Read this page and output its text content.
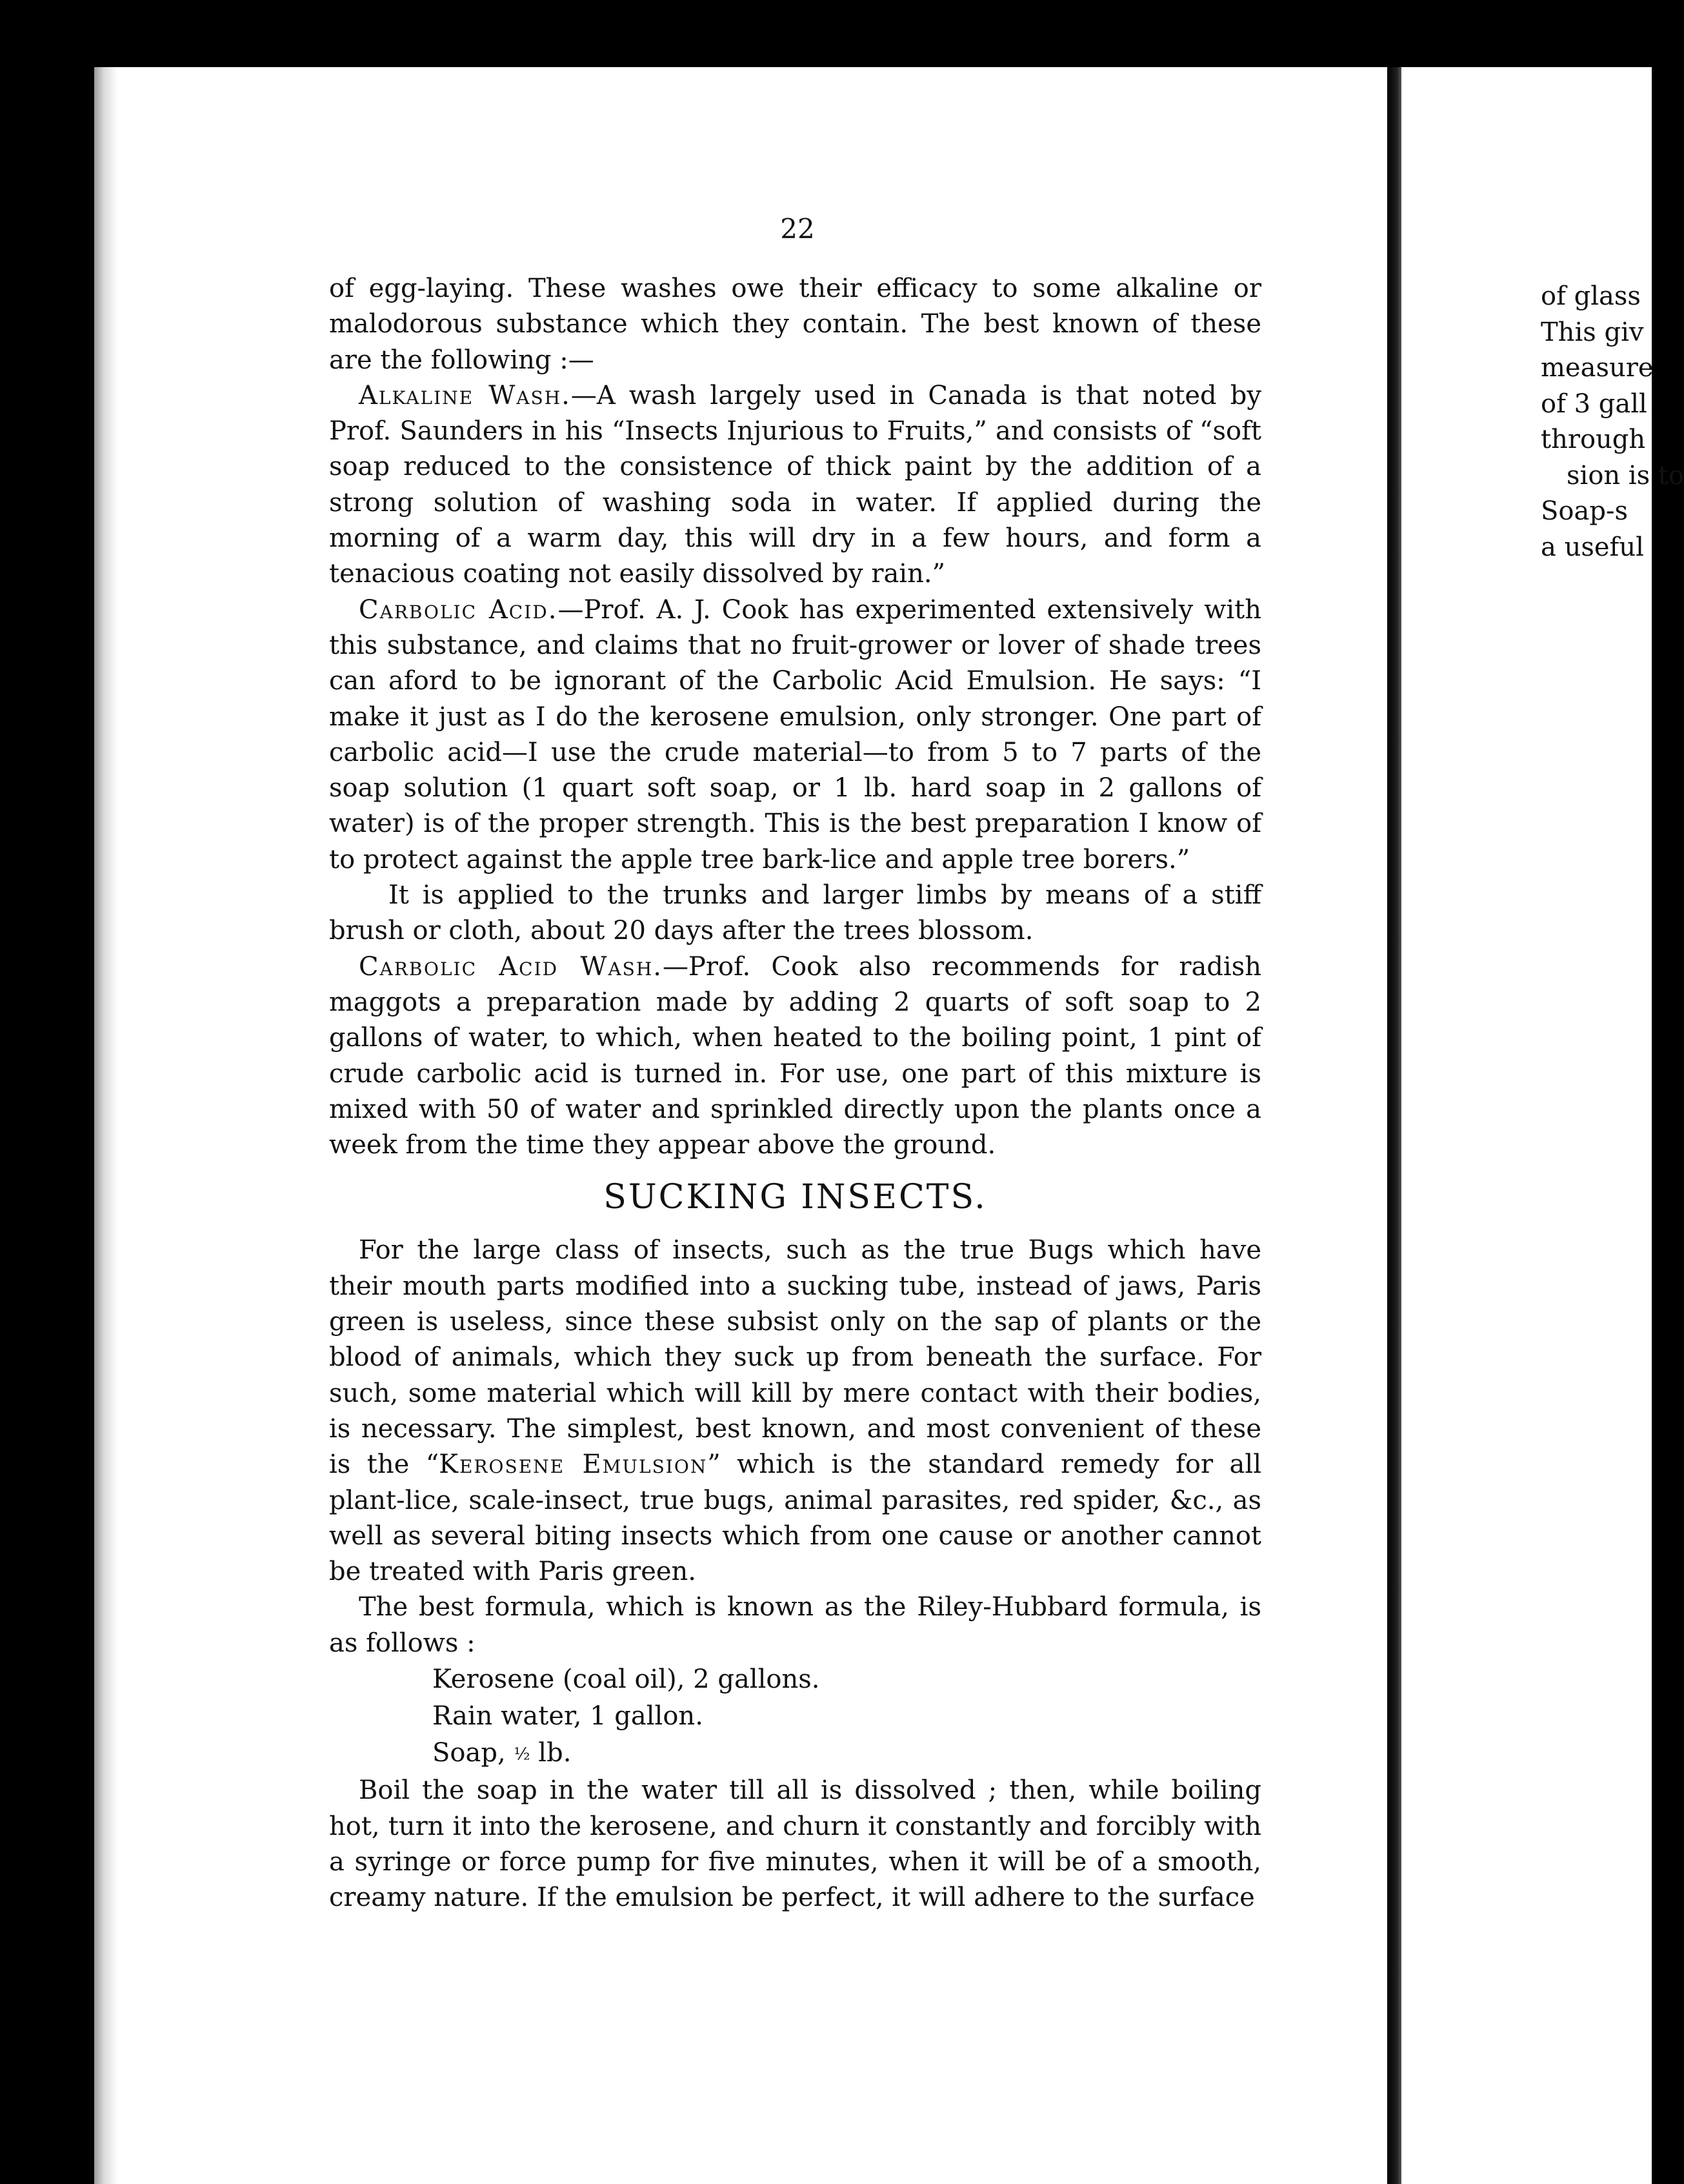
22

of egg-laying. These washes owe their efficacy to some alkaline or malodorous substance which they contain. The best known of these are the following :—

Alkaline Wash.—A wash largely used in Canada is that noted by Prof. Saunders in his “Insects Injurious to Fruits,” and consists of “soft soap reduced to the consistence of thick paint by the addition of a strong solution of washing soda in water. If applied during the morning of a warm day, this will dry in a few hours, and form a tenacious coating not easily dissolved by rain.”

Carbolic Acid.—Prof. A. J. Cook has experimented extensively with this substance, and claims that no fruit-grower or lover of shade trees can aford to be ignorant of the Carbolic Acid Emulsion. He says: “I make it just as I do the kerosene emulsion, only stronger. One part of carbolic acid—I use the crude material—to from 5 to 7 parts of the soap solution (1 quart soft soap, or 1 lb. hard soap in 2 gallons of water) is of the proper strength. This is the best preparation I know of to protect against the apple tree bark-lice and apple tree borers.”

It is applied to the trunks and larger limbs by means of a stiff brush or cloth, about 20 days after the trees blossom.

Carbolic Acid Wash.—Prof. Cook also recommends for radish maggots a preparation made by adding 2 quarts of soft soap to 2 gallons of water, to which, when heated to the boiling point, 1 pint of crude carbolic acid is turned in. For use, one part of this mixture is mixed with 50 of water and sprinkled directly upon the plants once a week from the time they appear above the ground.

SUCKING INSECTS.

For the large class of insects, such as the true Bugs which have their mouth parts modified into a sucking tube, instead of jaws, Paris green is useless, since these subsist only on the sap of plants or the blood of animals, which they suck up from beneath the surface. For such, some material which will kill by mere contact with their bodies, is necessary. The simplest, best known, and most convenient of these is the “Kerosene Emulsion” which is the standard remedy for all plant-lice, scale-insect, true bugs, animal parasites, red spider, &c., as well as several biting insects which from one cause or another cannot be treated with Paris green.

The best formula, which is known as the Riley-Hubbard formula, is as follows :

Kerosene (coal oil), 2 gallons.
Rain water, 1 gallon.
Soap, ½ lb.

Boil the soap in the water till all is dissolved ; then, while boiling hot, turn it into the kerosene, and churn it constantly and forcibly with a syringe or force pump for five minutes, when it will be of a smooth, creamy nature. If the emulsion be perfect, it will adhere to the surface

of glass
This giv
measure
of 3 gall
through
sion is to
Soap-s
a useful
